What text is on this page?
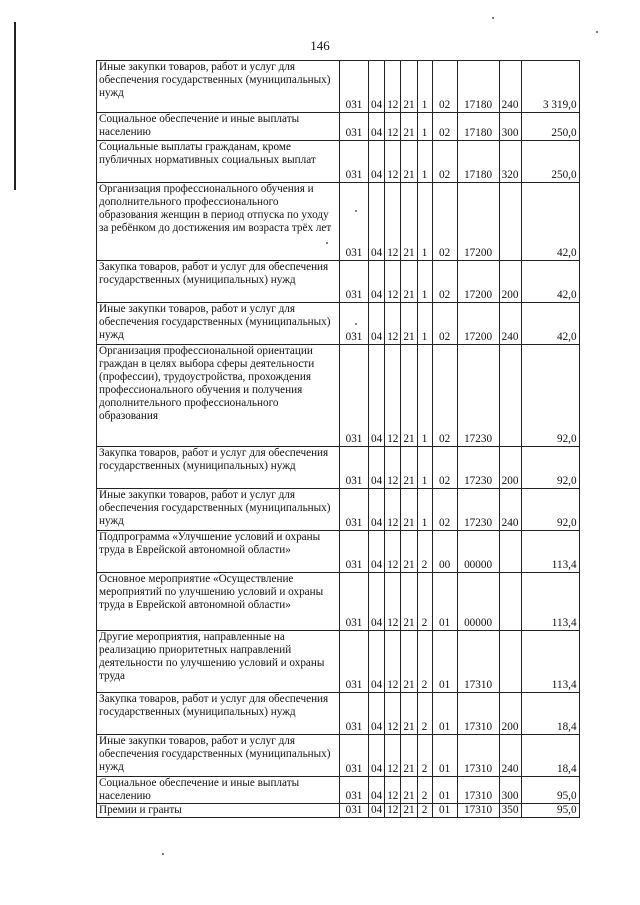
146
Иные закупки товаров, работ и услуг для обеспечения государственных (муниципальных) нужд	031	04	12	21	1	02	17180	240	3 319,0
Социальное обеспечение и иные выплаты населению	031	04	12	21	1	02	17180	300	250,0
Социальные выплаты гражданам, кроме публичных нормативных социальных выплат	031	04	12	21	1	02	17180	320	250,0
Организация профессионального обучения и дополнительного профессионального образования женщин в период отпуска по уходу за ребёнком до достижения им возраста трёх лет	031	04	12	21	1	02	17200		42,0
Закупка товаров, работ и услуг для обеспечения государственных (муниципальных) нужд	031	04	12	21	1	02	17200	200	42,0
Иные закупки товаров, работ и услуг для обеспечения государственных (муниципальных) нужд	031	04	12	21	1	02	17200	240	42,0
Организация профессиональной ориентации граждан в целях выбора сферы деятельности (профессии), трудоустройства, прохождения профессионального обучения и получения дополнительного профессионального образования	031	04	12	21	1	02	17230		92,0
Закупка товаров, работ и услуг для обеспечения государственных (муниципальных) нужд	031	04	12	21	1	02	17230	200	92,0
Иные закупки товаров, работ и услуг для обеспечения государственных (муниципальных) нужд	031	04	12	21	1	02	17230	240	92,0
Подпрограмма «Улучшение условий и охраны труда в Еврейской автономной области»	031	04	12	21	2	00	00000		113,4
Основное мероприятие «Осуществление мероприятий по улучшению условий и охраны труда в Еврейской автономной области»	031	04	12	21	2	01	00000		113,4
Другие мероприятия, направленные на реализацию приоритетных направлений деятельности по улучшению условий и охраны труда	031	04	12	21	2	01	17310		113,4
Закупка товаров, работ и услуг для обеспечения государственных (муниципальных) нужд	031	04	12	21	2	01	17310	200	18,4
Иные закупки товаров, работ и услуг для обеспечения государственных (муниципальных) нужд	031	04	12	21	2	01	17310	240	18,4
Социальное обеспечение и иные выплаты населению	031	04	12	21	2	01	17310	300	95,0
Премии и гранты	031	04	12	21	2	01	17310	350	95,0
